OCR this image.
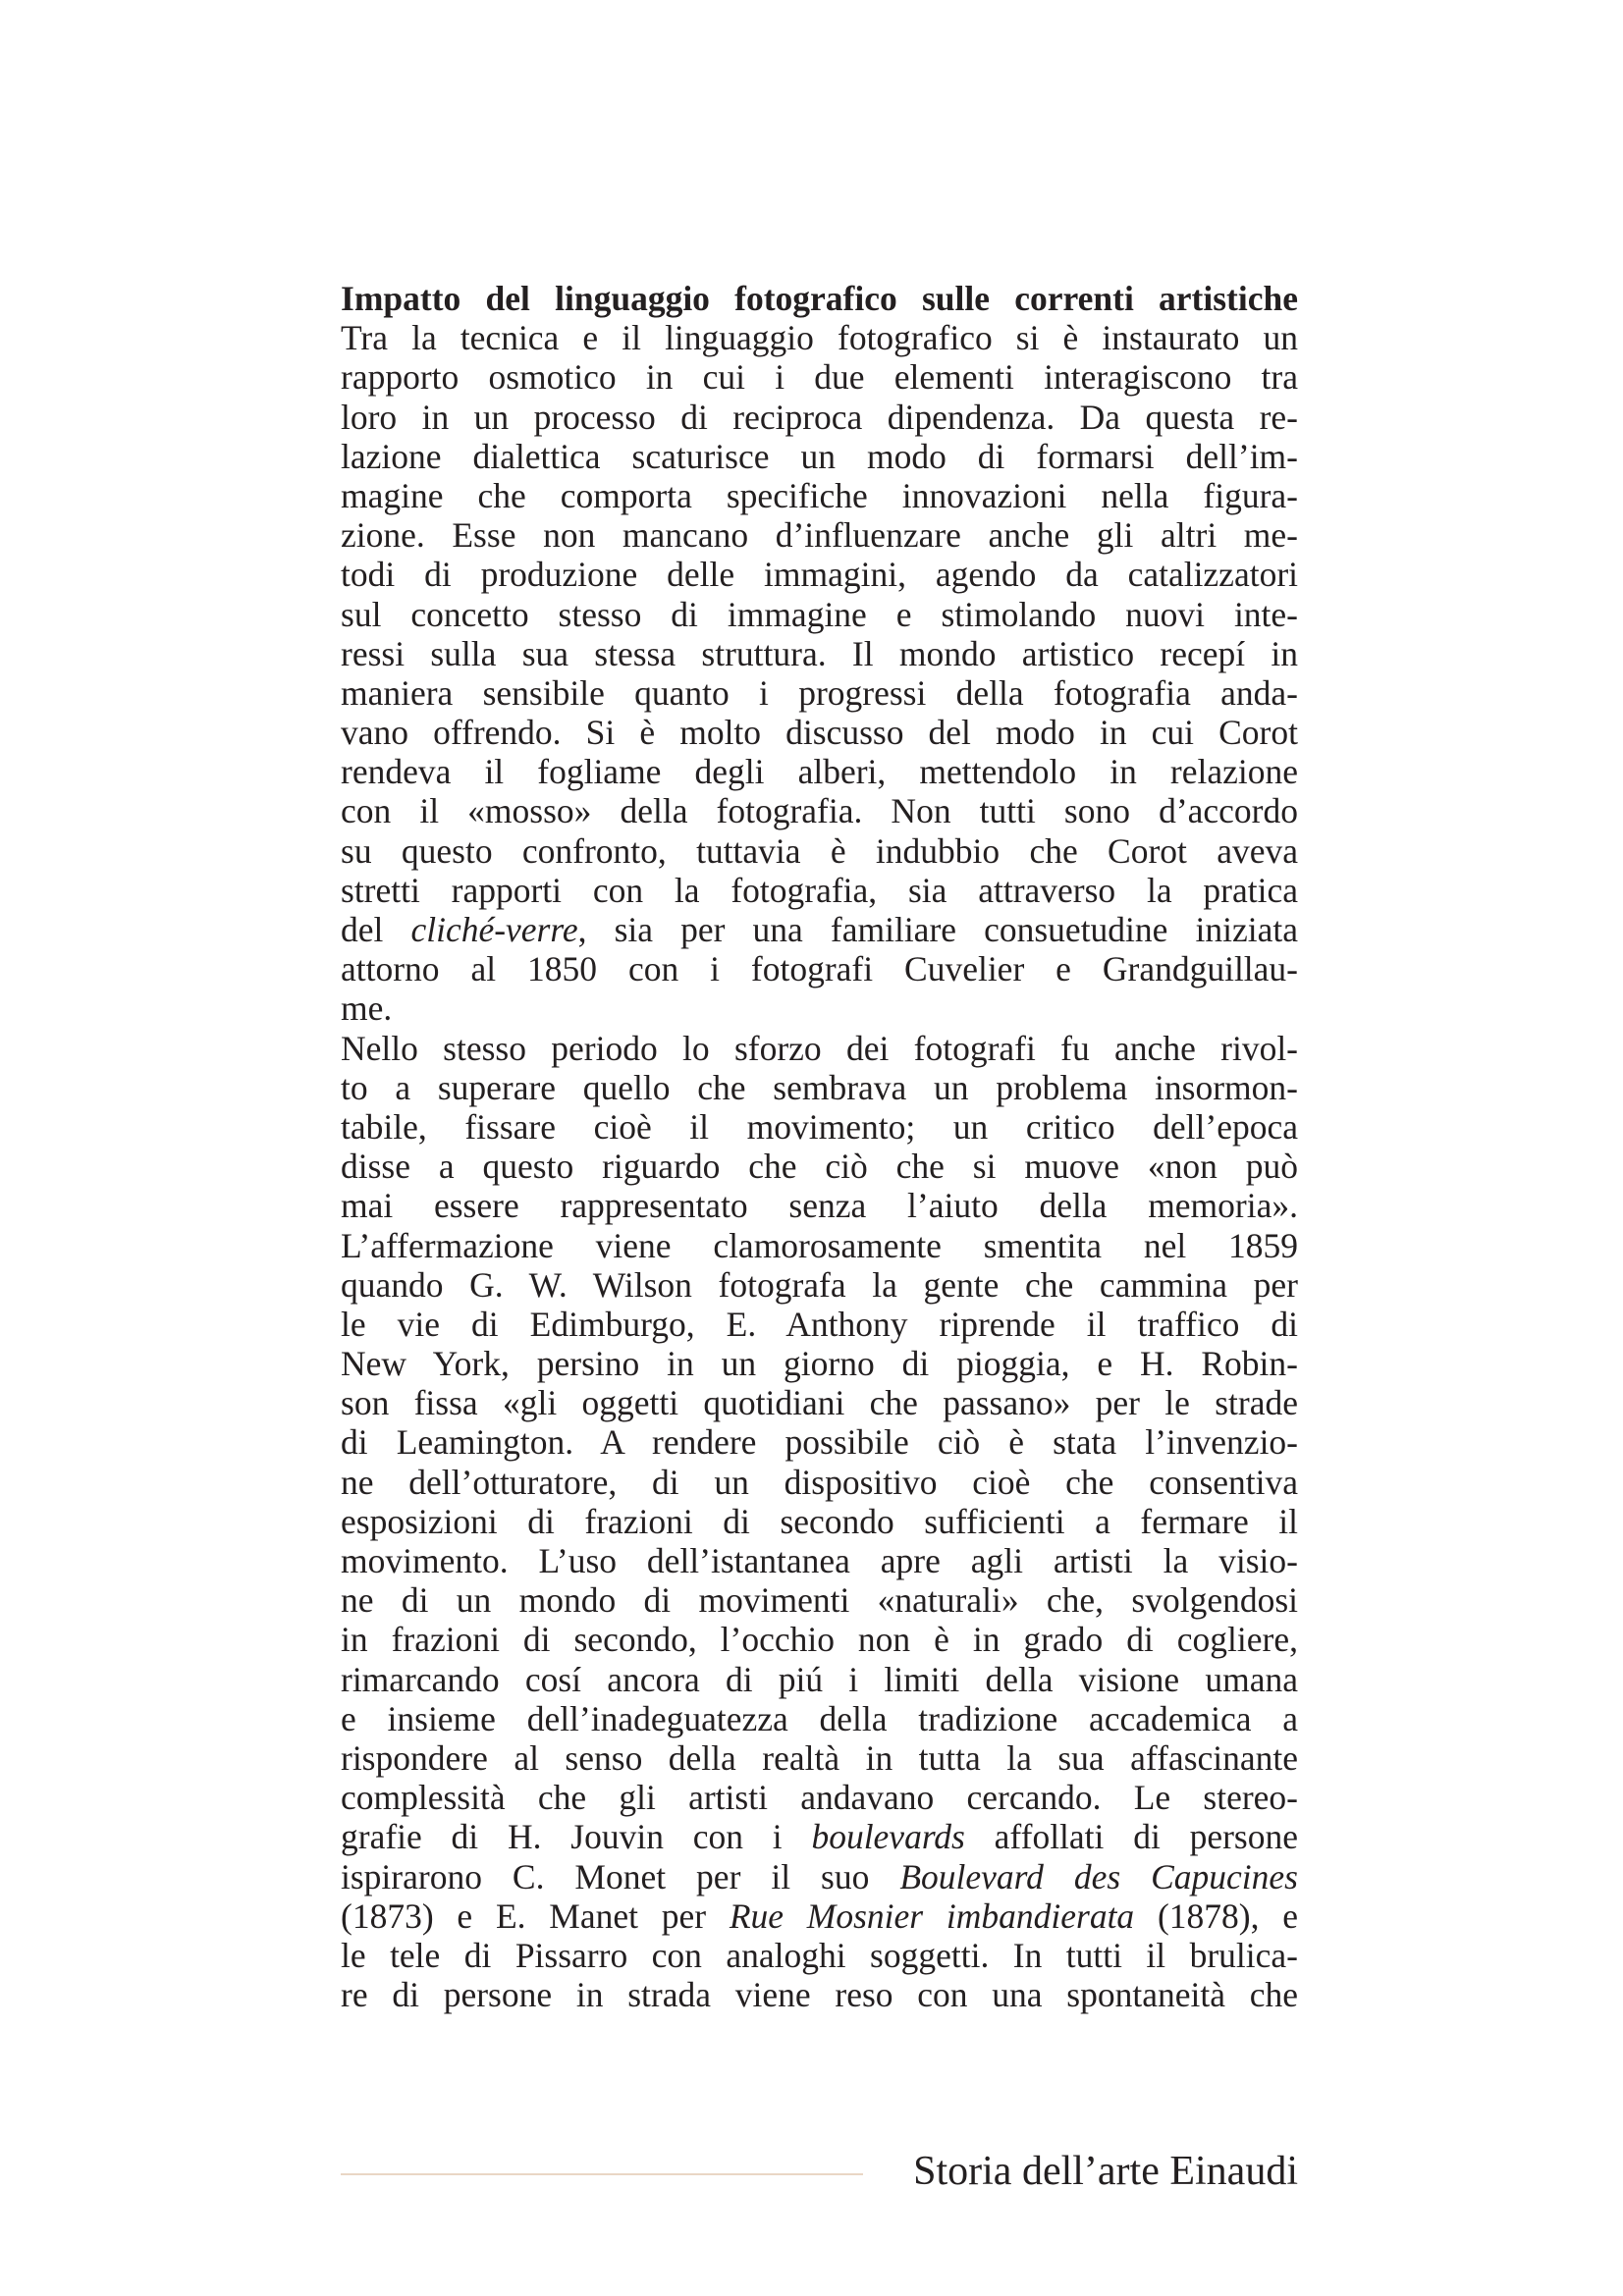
Impatto del linguaggio fotografico sulle correnti artistiche
Tra la tecnica e il linguaggio fotografico si è instaurato un
rapporto osmotico in cui i due elementi interagiscono tra
loro in un processo di reciproca dipendenza. Da questa re-
lazione dialettica scaturisce un modo di formarsi dell’im-
magine che comporta specifiche innovazioni nella figura-
zione. Esse non mancano d’influenzare anche gli altri me-
todi di produzione delle immagini, agendo da catalizzatori
sul concetto stesso di immagine e stimolando nuovi inte-
ressi sulla sua stessa struttura. Il mondo artistico recepí in
maniera sensibile quanto i progressi della fotografia anda-
vano offrendo. Si è molto discusso del modo in cui Corot
rendeva il fogliame degli alberi, mettendolo in relazione
con il «mosso» della fotografia. Non tutti sono d’accordo
su questo confronto, tuttavia è indubbio che Corot aveva
stretti rapporti con la fotografia, sia attraverso la pratica
del cliché-verre, sia per una familiare consuetudine iniziata
attorno al 1850 con i fotografi Cuvelier e Grandguillau-
me.
Nello stesso periodo lo sforzo dei fotografi fu anche rivol-
to a superare quello che sembrava un problema insormon-
tabile, fissare cioè il movimento; un critico dell’epoca
disse a questo riguardo che ciò che si muove «non può
mai essere rappresentato senza l’aiuto della memoria».
L’affermazione viene clamorosamente smentita nel 1859
quando G. W. Wilson fotografa la gente che cammina per
le vie di Edimburgo, E. Anthony riprende il traffico di
New York, persino in un giorno di pioggia, e H. Robin-
son fissa «gli oggetti quotidiani che passano» per le strade
di Leamington. A rendere possibile ciò è stata l’invenzio-
ne dell’otturatore, di un dispositivo cioè che consentiva
esposizioni di frazioni di secondo sufficienti a fermare il
movimento. L’uso dell’istantanea apre agli artisti la visio-
ne di un mondo di movimenti «naturali» che, svolgendosi
in frazioni di secondo, l’occhio non è in grado di cogliere,
rimarcando cosí ancora di piú i limiti della visione umana
e insieme dell’inadeguatezza della tradizione accademica a
rispondere al senso della realtà in tutta la sua affascinante
complessità che gli artisti andavano cercando. Le stereo-
grafie di H. Jouvin con i boulevards affollati di persone
ispirarono C. Monet per il suo Boulevard des Capucines
(1873) e E. Manet per Rue Mosnier imbandierata (1878), e
le tele di Pissarro con analoghi soggetti. In tutti il brulica-
re di persone in strada viene reso con una spontaneità che
Storia dell’arte Einaudi
